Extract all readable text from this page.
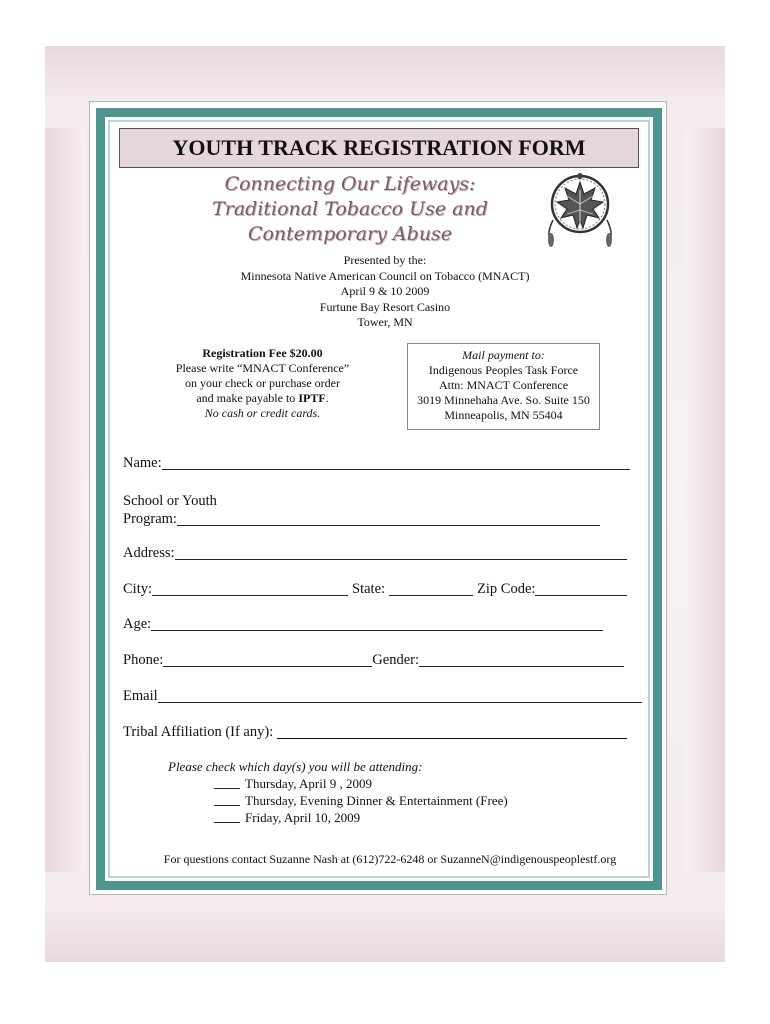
YOUTH TRACK REGISTRATION FORM
Connecting Our Lifeways:
Traditional Tobacco Use and
Contemporary Abuse
Presented by the:
Minnesota Native American Council on Tobacco (MNACT)
April 9 & 10 2009
Furtune Bay Resort Casino
Tower, MN
Registration Fee $20.00
Please write “MNACT Conference”
on your check or purchase order
and make payable to IPTF.
No cash or credit cards.
Mail payment to:
Indigenous Peoples Task Force
Attn: MNACT Conference
3019 Minnehaha Ave. So. Suite 150
Minneapolis, MN 55404
Name:
School or Youth
Program:
Address:
City:	State:	Zip Code:
Age:
Phone:	Gender:
Email
Tribal Affiliation (If any):
Please check which day(s) you will be attending:
Thursday, April 9 , 2009
Thursday, Evening Dinner & Entertainment (Free)
Friday, April 10, 2009
For questions contact Suzanne Nash at (612)722-6248 or SuzanneN@indigenouspeoplestf.org
